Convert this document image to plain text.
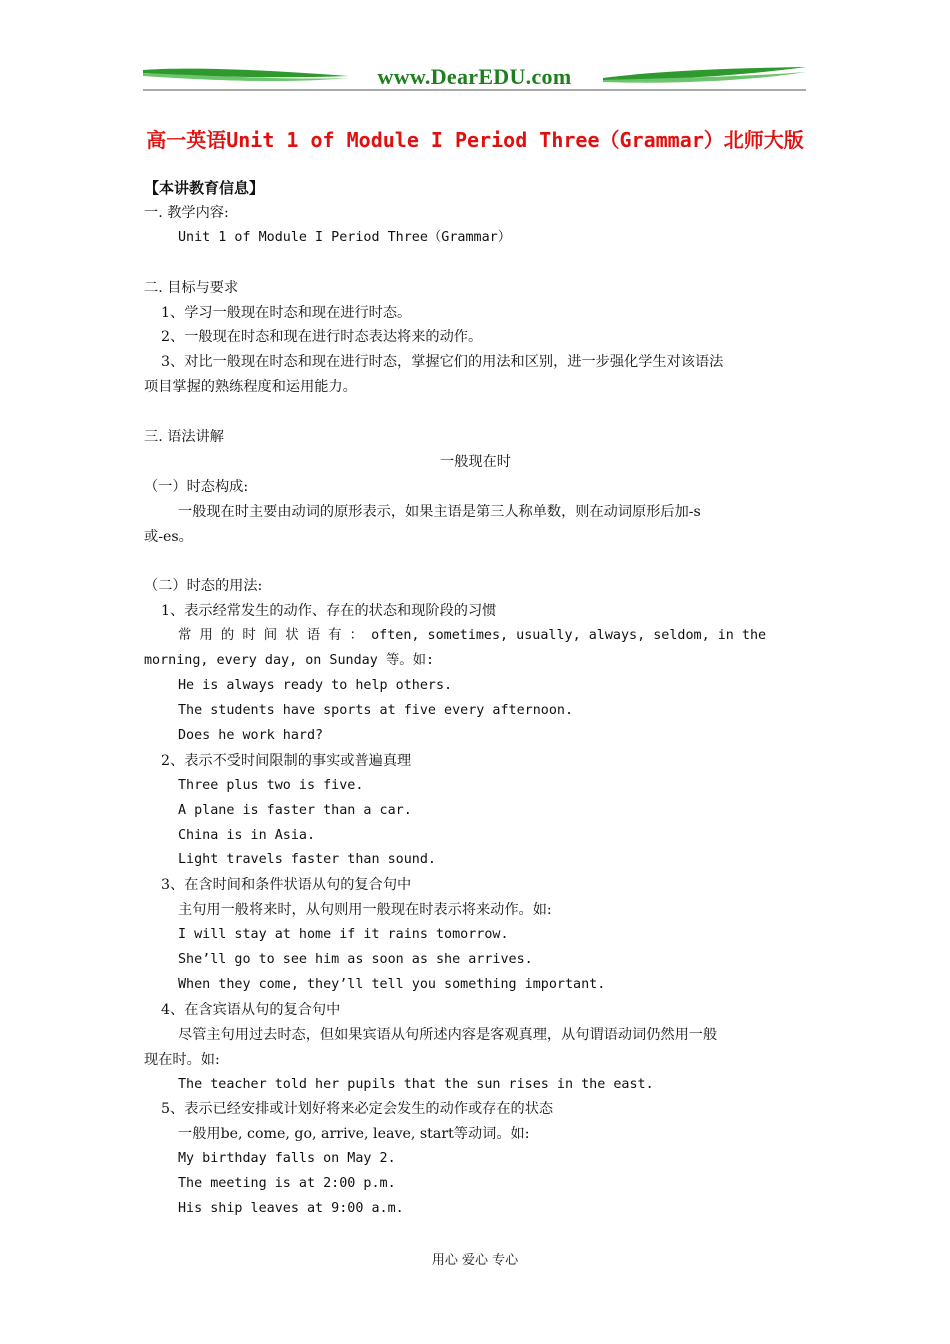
www.DearEDU.com
高一英语Unit 1 of Module I Period Three（Grammar）北师大版

【本讲教育信息】

一. 教学内容:

Unit 1 of Module I Period Three（Grammar）

二. 目标与要求

1、学习一般现在时态和现在进行时态。

2、一般现在时态和现在进行时态表达将来的动作。

3、对比一般现在时态和现在进行时态，掌握它们的用法和区别，进一步强化学生对该语法

项目掌握的熟练程度和运用能力。

三. 语法讲解

一般现在时

（一）时态构成:

一般现在时主要由动词的原形表示，如果主语是第三人称单数，则在动词原形后加-s

或-es。

（二）时态的用法:

1、表示经常发生的动作、存在的状态和现阶段的习惯

常 用 的 时 间 状 语 有 ： often, sometimes, usually, always, seldom, in the

morning, every day, on Sunday 等。如:

He is always ready to help others.

The students have sports at five every afternoon.

Does he work hard?

2、表示不受时间限制的事实或普遍真理

Three plus two is five.

A plane is faster than a car.

China is in Asia.

Light travels faster than sound.

3、在含时间和条件状语从句的复合句中

主句用一般将来时，从句则用一般现在时表示将来动作。如:

I will stay at home if it rains tomorrow.

She’ll go to see him as soon as she arrives.

When they come, they’ll tell you something important.

4、在含宾语从句的复合句中

尽管主句用过去时态，但如果宾语从句所述内容是客观真理，从句谓语动词仍然用一般

现在时。如:

The teacher told her pupils that the sun rises in the east.

5、表示已经安排或计划好将来必定会发生的动作或存在的状态

一般用be, come, go, arrive, leave, start等动词。如:

My birthday falls on May 2.

The meeting is at 2:00 p.m.

His ship leaves at 9:00 a.m.

用心 爱心 专心
